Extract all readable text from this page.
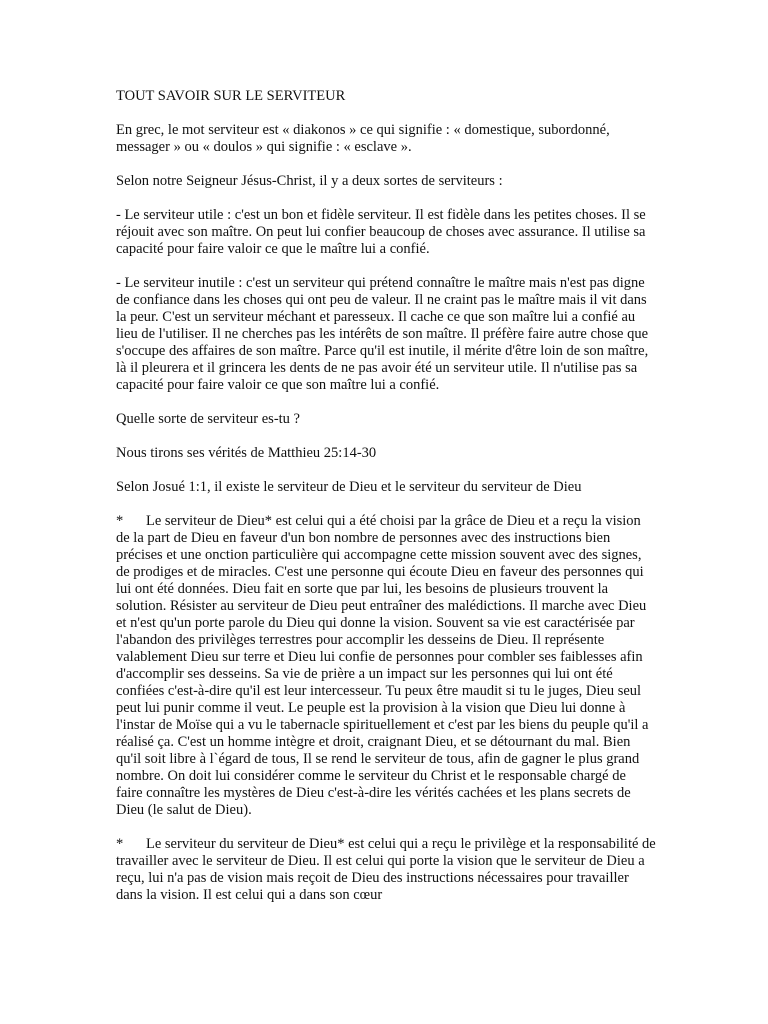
TOUT SAVOIR SUR LE SERVITEUR

En grec, le mot serviteur est « diakonos » ce qui signifie : « domestique, subordonné, messager » ou « doulos » qui signifie : « esclave ».

Selon notre Seigneur Jésus-Christ, il y a deux sortes de serviteurs :

- Le serviteur utile : c'est un bon et fidèle serviteur. Il est fidèle dans les petites choses. Il se réjouit avec son maître. On peut lui confier beaucoup de choses avec assurance. Il utilise sa capacité pour faire valoir ce que le maître lui a confié.

- Le serviteur inutile : c'est un serviteur qui prétend connaître le maître mais n'est pas digne de confiance dans les choses qui ont peu de valeur. Il ne craint pas le maître mais il vit dans la peur. C'est un serviteur méchant et paresseux. Il cache ce que son maître lui a confié au lieu de l'utiliser. Il ne cherches pas les intérêts de son maître. Il préfère faire autre chose que s'occupe des affaires de son maître. Parce qu'il est inutile, il mérite d'être loin de son maître, là il pleurera et il grincera les dents de ne pas avoir été un serviteur utile. Il n'utilise pas sa capacité pour faire valoir ce que son maître lui a confié.

Quelle sorte de serviteur es-tu ?

Nous tirons ses vérités de Matthieu 25:14-30

Selon Josué 1:1, il existe le serviteur de Dieu et le serviteur du serviteur de Dieu

* Le serviteur de Dieu* est celui qui a été choisi par la grâce de Dieu et a reçu la vision de la part de Dieu en faveur d'un bon nombre de personnes avec des instructions bien précises et une onction particulière qui accompagne cette mission souvent avec des signes, de prodiges et de miracles. C'est une personne qui écoute Dieu en faveur des personnes qui lui ont été données. Dieu fait en sorte que par lui, les besoins de plusieurs trouvent la solution. Résister au serviteur de Dieu peut entraîner des malédictions. Il marche avec Dieu et n'est qu'un porte parole du Dieu qui donne la vision. Souvent sa vie est caractérisée par l'abandon des privilèges terrestres pour accomplir les desseins de Dieu. Il représente valablement Dieu sur terre et Dieu lui confie de personnes pour combler ses faiblesses afin d'accomplir ses desseins. Sa vie de prière a un impact sur les personnes qui lui ont été confiées c'est-à-dire qu'il est leur intercesseur. Tu peux être maudit si tu le juges, Dieu seul peut lui punir comme il veut. Le peuple est la provision à la vision que Dieu lui donne à l'instar de Moïse qui a vu le tabernacle spirituellement et c'est par les biens du peuple qu'il a réalisé ça. C'est un homme intègre et droit, craignant Dieu, et se détournant du mal. Bien qu'il soit libre à l`égard de tous, Il se rend le serviteur de tous, afin de gagner le plus grand nombre. On doit lui considérer comme le serviteur du Christ et le responsable chargé de faire connaître les mystères de Dieu c'est-à-dire les vérités cachées et les plans secrets de Dieu (le salut de Dieu).

* Le serviteur du serviteur de Dieu* est celui qui a reçu le privilège et la responsabilité de travailler avec le serviteur de Dieu. Il est celui qui porte la vision que le serviteur de Dieu a reçu, lui n'a pas de vision mais reçoit de Dieu des instructions nécessaires pour travailler dans la vision. Il est celui qui a dans son cœur
